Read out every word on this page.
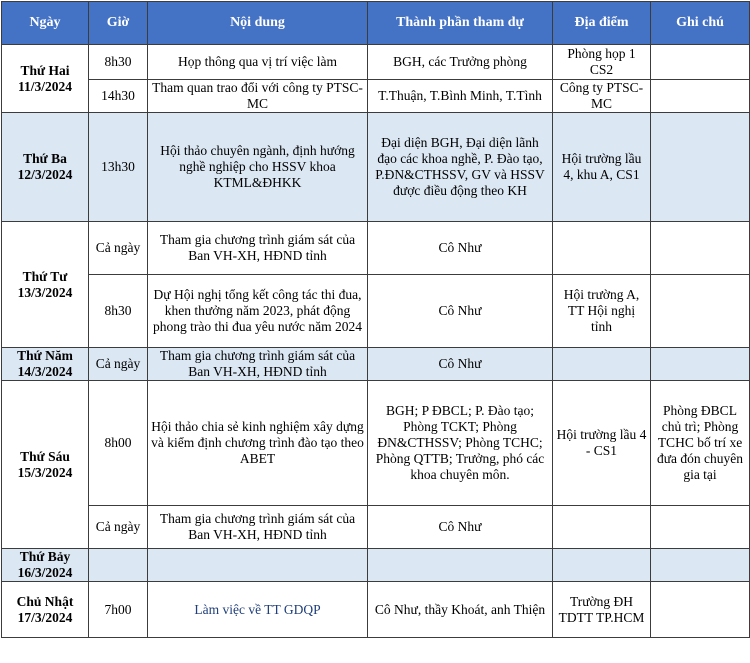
Ngày	Giờ	Nội dung	Thành phần tham dự	Địa điểm	Ghi chú
Thứ Hai
11/3/2024	8h30	Họp thông qua vị trí việc làm	BGH, các Trưởng phòng	Phòng họp 1 CS2	
	14h30	Tham quan trao đổi với công ty PTSC-MC	T.Thuận, T.Bình Minh, T.Tình	Công ty PTSC-MC	
Thứ Ba
12/3/2024	13h30	Hội thảo chuyên ngành, định hướng nghề nghiệp cho HSSV khoa KTML&ĐHKK	Đại diện BGH, Đại diện lãnh đạo các khoa nghề, P. Đào tạo, P.ĐN&CTHSSV, GV và HSSV được điều động theo KH	Hội trường lầu 4, khu A, CS1	
Thứ Tư
13/3/2024	Cả ngày	Tham gia chương trình giám sát của Ban VH-XH, HĐND tỉnh	Cô Như		
	8h30	Dự Hội nghị tổng kết công tác thi đua, khen thưởng năm 2023, phát động phong trào thi đua yêu nước năm 2024	Cô Như	Hội trường A, TT Hội nghị tỉnh	
Thứ Năm
14/3/2024	Cả ngày	Tham gia chương trình giám sát của Ban VH-XH, HĐND tỉnh	Cô Như		
Thứ Sáu
15/3/2024	8h00	Hội thảo chia sẻ kinh nghiệm xây dựng và kiểm định chương trình đào tạo theo ABET	BGH; P ĐBCL; P. Đào tạo; Phòng TCKT; Phòng ĐN&CTHSSV; Phòng TCHC; Phòng QTTB; Trưởng, phó các khoa chuyên môn.	Hội trường lầu 4 - CS1	Phòng ĐBCL chủ trì; Phòng TCHC bố trí xe đưa đón chuyên gia tại
	Cả ngày	Tham gia chương trình giám sát của Ban VH-XH, HĐND tỉnh	Cô Như		
Thứ Bảy
16/3/2024					
Chủ Nhật
17/3/2024	7h00	Làm việc về TT GDQP	Cô Như, thầy Khoát, anh Thiện	Trường ĐH TDTT TP.HCM	
